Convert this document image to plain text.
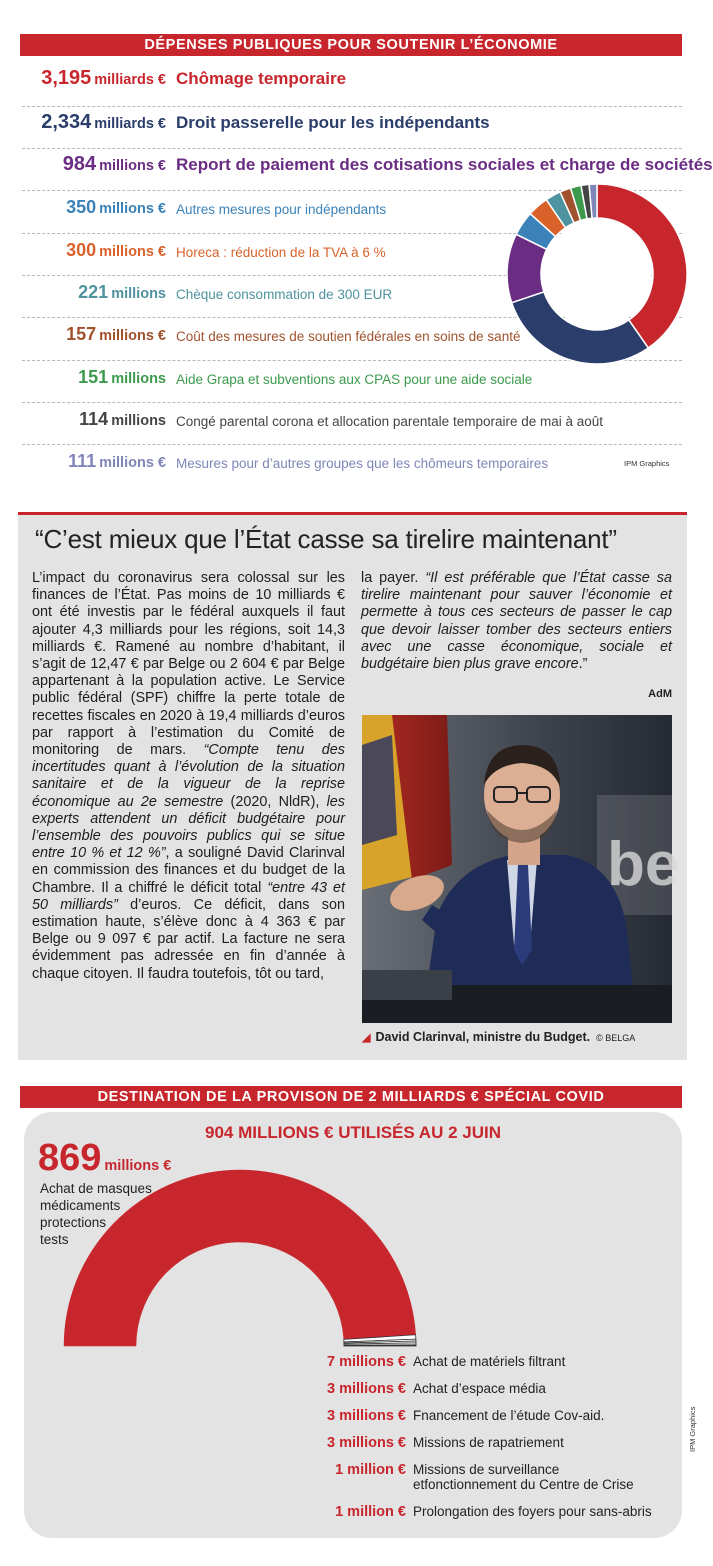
DÉPENSES PUBLIQUES POUR SOUTENIR L’ÉCONOMIE
3,195 milliards € Chômage temporaire
2,334 milliards € Droit passerelle pour les indépendants
984 millions € Report de paiement des cotisations sociales et charge de sociétés
350 millions € Autres mesures pour indépendants
300 millions € Horeca : réduction de la TVA à 6 %
221 millions Chèque consommation de 300 EUR
157 millions € Coût des mesures de soutien fédérales en soins de santé
151 millions Aide Grapa et subventions aux CPAS pour une aide sociale
114 millions Congé parental corona et allocation parentale temporaire de mai à août
111 millions € Mesures pour d’autres groupes que les chômeurs temporaires	IPM Graphics
“C’est mieux que l’État casse sa tirelire maintenant”

L’impact du coronavirus sera colossal sur les finances de l’État. Pas moins de 10 milliards € ont été investis par le fédéral auxquels il faut ajouter 4,3 milliards pour les régions, soit 14,3 milliards €. Ramené au nombre d’habitant, il s’agit de 12,47 € par Belge ou 2 604 € par Belge appartenant à la population active. Le Service public fédéral (SPF) chiffre la perte totale de recettes fiscales en 2020 à 19,4 milliards d’euros par rapport à l’estimation du Comité de monitoring de mars. “Compte tenu des incertitudes quant à l’évolution de la situation sanitaire et de la vigueur de la reprise économique au 2e semestre (2020, NldR), les experts attendent un déficit budgétaire pour l’ensemble des pouvoirs publics qui se situe entre 10 % et 12 %”, a souligné David Clarinval en commission des finances et du budget de la Chambre. Il a chiffré le déficit total “entre 43 et 50 milliards” d’euros. Ce déficit, dans son estimation haute, s’élève donc à 4 363 € par Belge ou 9 097 € par actif. La facture ne sera évidemment pas adressée en fin d’année à chaque citoyen. Il faudra toutefois, tôt ou tard,

la payer. “Il est préférable que l’État casse sa tirelire maintenant pour sauver l’économie et permette à tous ces secteurs de passer le cap que devoir laisser tomber des secteurs entiers avec une casse économique, sociale et budgétaire bien plus grave encore.”

AdM
be
◢ David Clarinval, ministre du Budget. © BELGA
DESTINATION DE LA PROVISON DE 2 MILLIARDS € SPÉCIAL COVID
904 MILLIONS € UTILISÉS AU 2 JUIN
869 millions €
Achat de masques
médicaments
protections
tests
7 millions € Achat de matériels filtrant
3 millions € Achat d’espace média
3 millions € Fnancement de l’étude Cov-aid.
3 millions € Missions de rapatriement
1 million € Missions de surveillance
etfonctionnement du Centre de Crise
1 million € Prolongation des foyers pour sans-abris
IPM Graphics
